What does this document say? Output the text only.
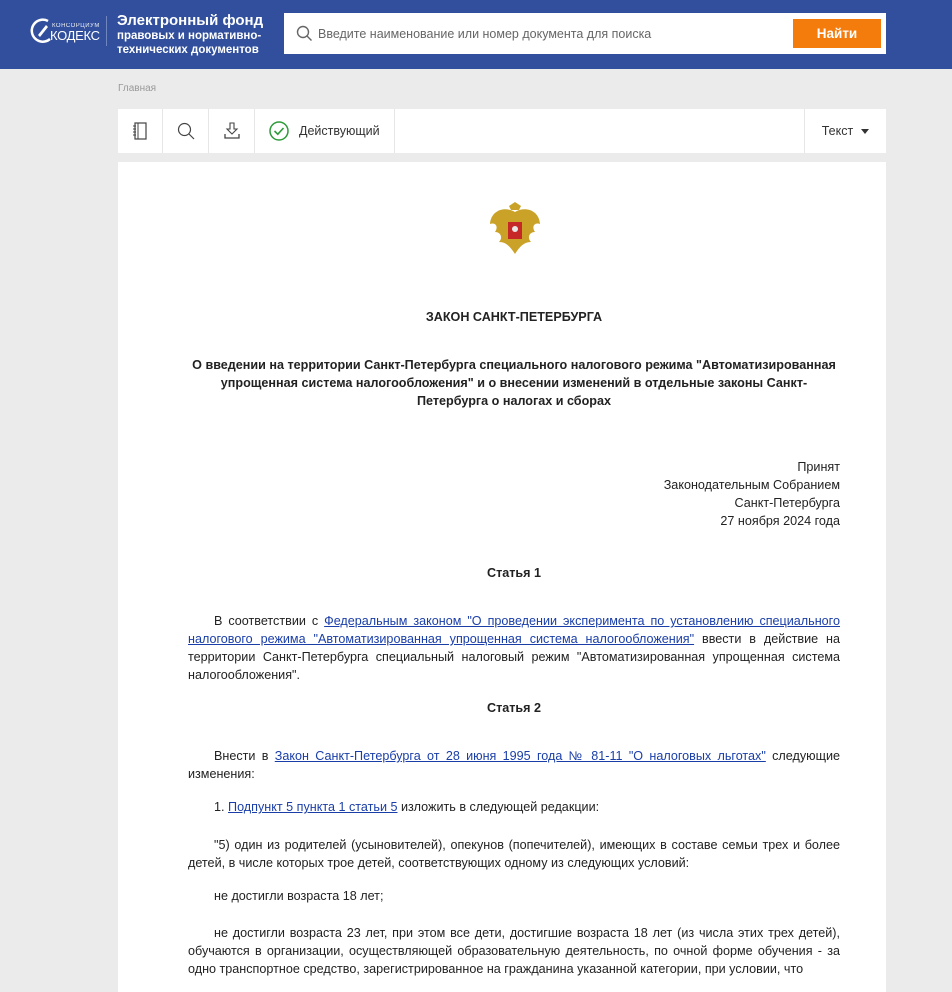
КОНСОРЦИУМ
КОДЕКС
Электронный фонд
правовых и нормативно-
технических документов
Введите наименование или номер документа для поиска
Найти
Главная
Действующий	Текст
ЗАКОН САНКТ-ПЕТЕРБУРГА
О введении на территории Санкт-Петербурга специального налогового режима "Автоматизированная упрощенная система налогообложения" и о внесении изменений в отдельные законы Санкт-Петербурга о налогах и сборах
Принят
Законодательным Собранием
Санкт-Петербурга
27 ноября 2024 года
Статья 1
В соответствии с Федеральным законом "О проведении эксперимента по установлению специального налогового режима "Автоматизированная упрощенная система налогообложения" ввести в действие на территории Санкт-Петербурга специальный налоговый режим "Автоматизированная упрощенная система налогообложения".
Статья 2
Внести в Закон Санкт-Петербурга от 28 июня 1995 года № 81-11 "О налоговых льготах" следующие изменения:
1. Подпункт 5 пункта 1 статьи 5 изложить в следующей редакции:
"5) один из родителей (усыновителей), опекунов (попечителей), имеющих в составе семьи трех и более детей, в числе которых трое детей, соответствующих одному из следующих условий:
не достигли возраста 18 лет;
не достигли возраста 23 лет, при этом все дети, достигшие возраста 18 лет (из числа этих трех детей), обучаются в организации, осуществляющей образовательную деятельность, по очной форме обучения - за одно транспортное средство, зарегистрированное на гражданина указанной категории, при условии, что
